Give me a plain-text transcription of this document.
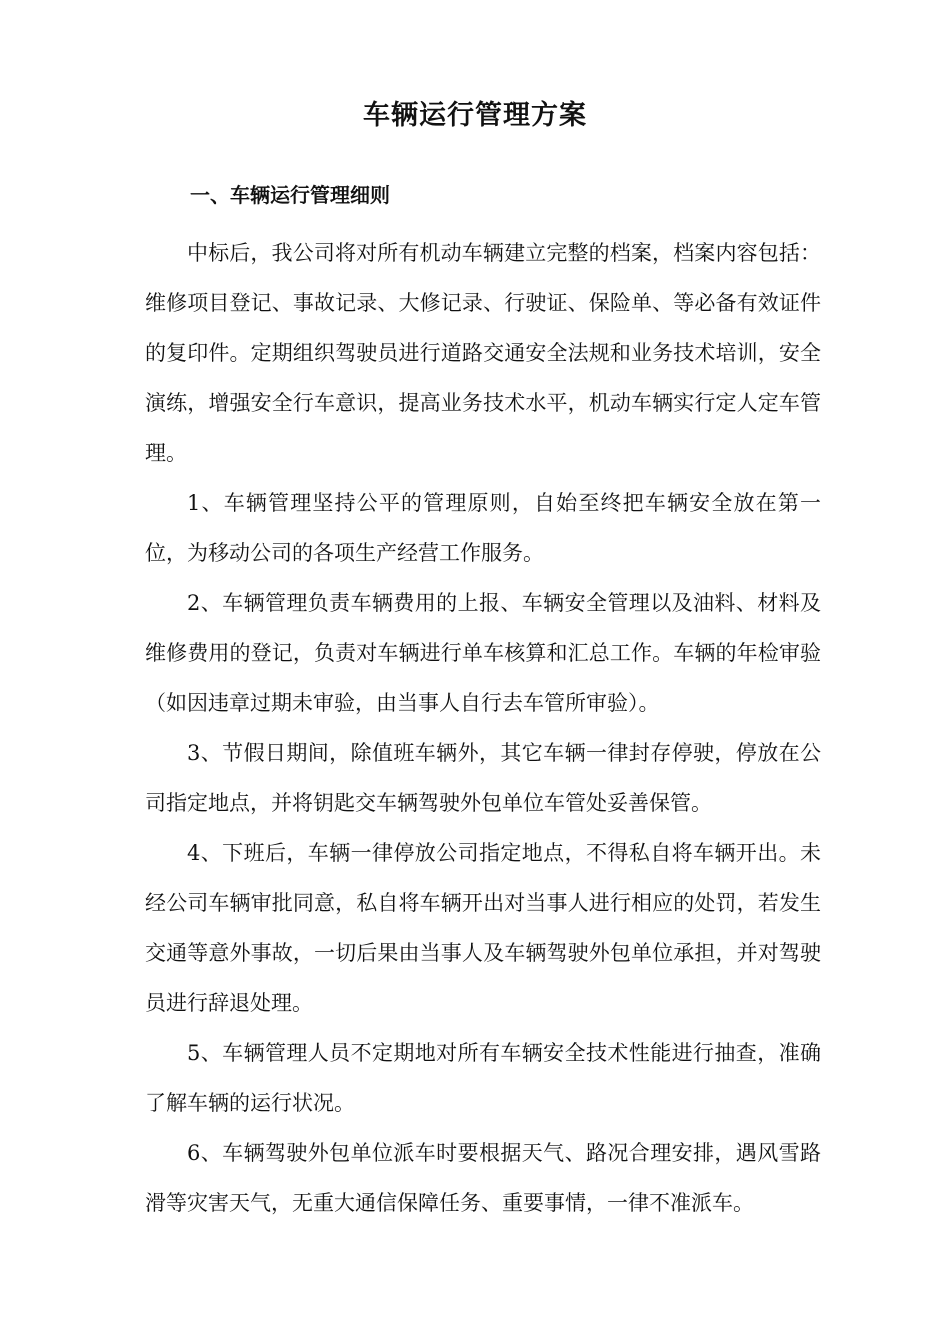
车辆运行管理方案
一、车辆运行管理细则

中标后，我公司将对所有机动车辆建立完整的档案，档案内容包括：维修项目登记、事故记录、大修记录、行驶证、保险单、等必备有效证件的复印件。定期组织驾驶员进行道路交通安全法规和业务技术培训，安全演练，增强安全行车意识，提高业务技术水平，机动车辆实行定人定车管理。

1、车辆管理坚持公平的管理原则，自始至终把车辆安全放在第一位，为移动公司的各项生产经营工作服务。

2、车辆管理负责车辆费用的上报、车辆安全管理以及油料、材料及维修费用的登记，负责对车辆进行单车核算和汇总工作。车辆的年检审验（如因违章过期未审验，由当事人自行去车管所审验）。

3、节假日期间，除值班车辆外，其它车辆一律封存停驶，停放在公司指定地点，并将钥匙交车辆驾驶外包单位车管处妥善保管。

4、下班后，车辆一律停放公司指定地点，不得私自将车辆开出。未经公司车辆审批同意，私自将车辆开出对当事人进行相应的处罚，若发生交通等意外事故，一切后果由当事人及车辆驾驶外包单位承担，并对驾驶员进行辞退处理。

5、车辆管理人员不定期地对所有车辆安全技术性能进行抽查，准确了解车辆的运行状况。

6、车辆驾驶外包单位派车时要根据天气、路况合理安排，遇风雪路滑等灾害天气，无重大通信保障任务、重要事情，一律不准派车。
